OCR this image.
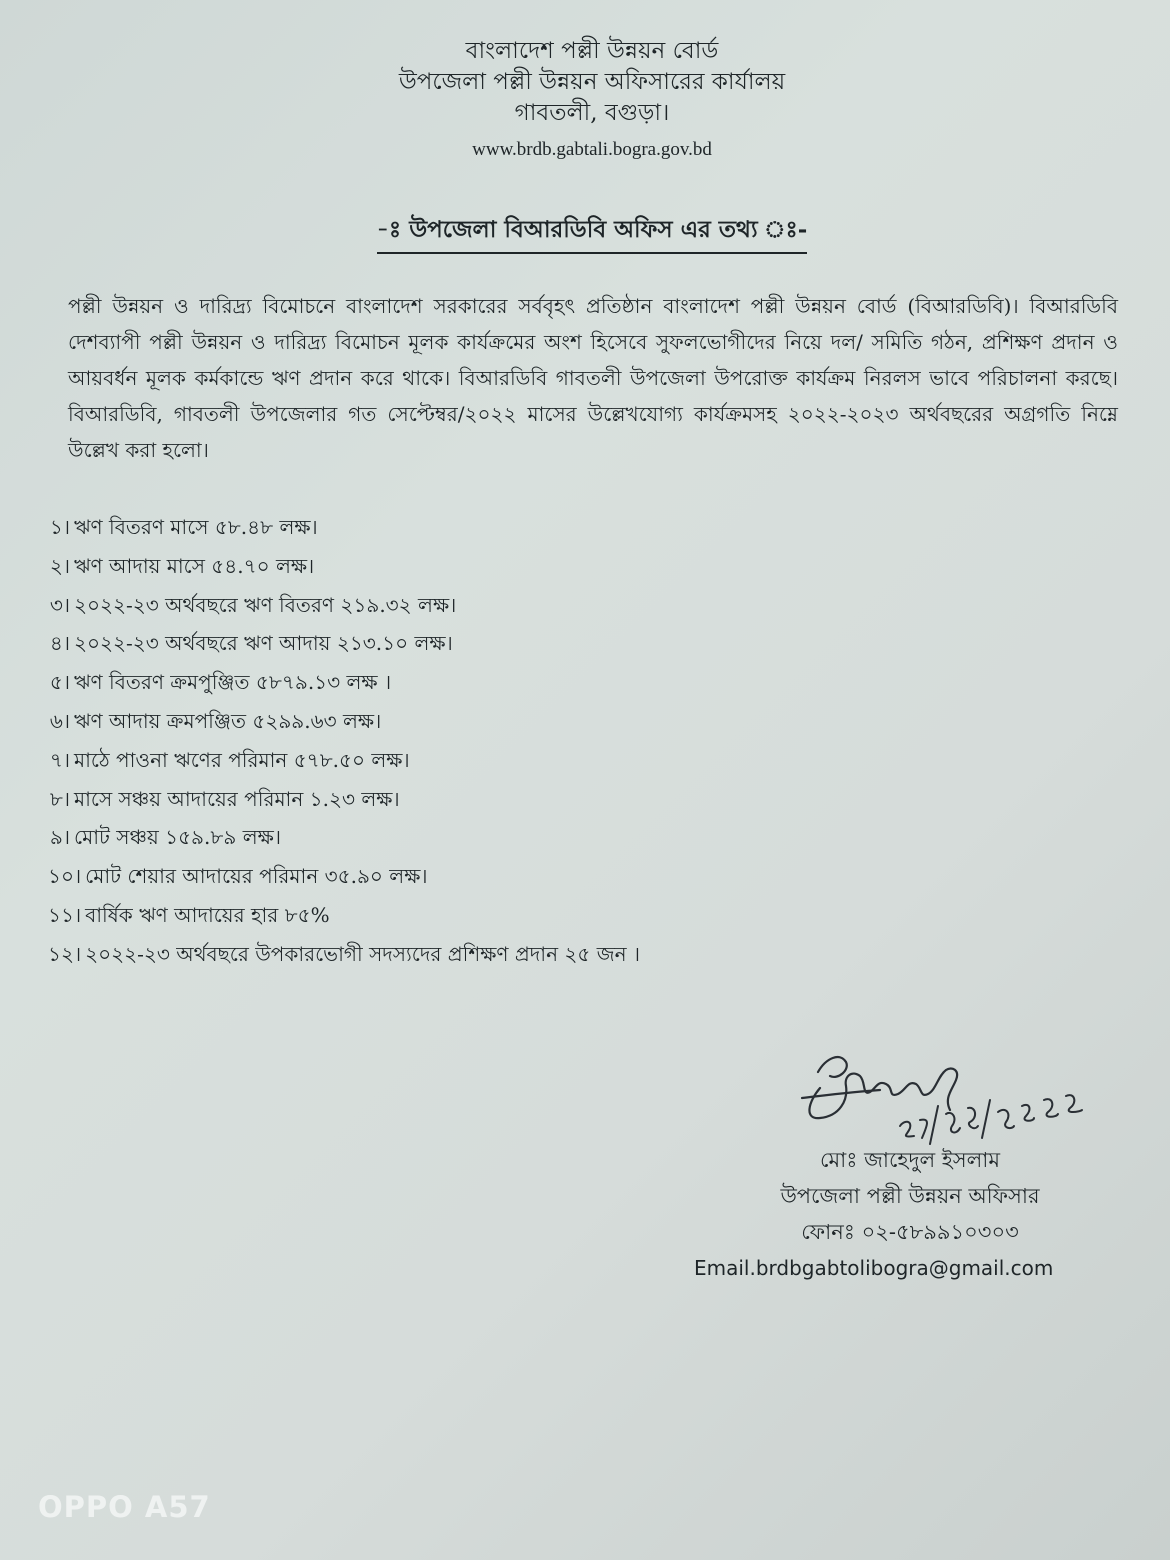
বাংলাদেশ পল্লী উন্নয়ন বোর্ড
উপজেলা পল্লী উন্নয়ন অফিসারের কার্যালয়
গাবতলী, বগুড়া।
www.brdb.gabtali.bogra.gov.bd
-ঃ উপজেলা বিআরডিবি অফিস এর তথ্য ঃ-
পল্লী উন্নয়ন ও দারিদ্র্য বিমোচনে বাংলাদেশ সরকারের সর্ববৃহৎ প্রতিষ্ঠান বাংলাদেশ পল্লী উন্নয়ন বোর্ড (বিআরডিবি)। বিআরডিবি দেশব্যাপী পল্লী উন্নয়ন ও দারিদ্র্য বিমোচন মূলক কার্যক্রমের অংশ হিসেবে সুফলভোগীদের নিয়ে দল/ সমিতি গঠন, প্রশিক্ষণ প্রদান ও আয়বর্ধন মূলক কর্মকান্ডে ঋণ প্রদান করে থাকে। বিআরডিবি গাবতলী উপজেলা উপরোক্ত কার্যক্রম নিরলস ভাবে পরিচালনা করছে। বিআরডিবি, গাবতলী উপজেলার গত সেপ্টেম্বর/২০২২ মাসের উল্লেখযোগ্য কার্যক্রমসহ ২০২২-২০২৩ অর্থবছরের অগ্রগতি নিম্নে উল্লেখ করা হলো।
১। ঋণ বিতরণ মাসে ৫৮.৪৮ লক্ষ।
২। ঋণ আদায় মাসে ৫৪.৭০ লক্ষ।
৩। ২০২২-২৩ অর্থবছরে ঋণ বিতরণ ২১৯.৩২ লক্ষ।
৪। ২০২২-২৩ অর্থবছরে ঋণ আদায় ২১৩.১০ লক্ষ।
৫। ঋণ বিতরণ ক্রমপুঞ্জিত ৫৮৭৯.১৩ লক্ষ ।
৬। ঋণ আদায় ক্রমপঞ্জিত ৫২৯৯.৬৩ লক্ষ।
৭। মাঠে পাওনা ঋণের পরিমান ৫৭৮.৫০ লক্ষ।
৮। মাসে সঞ্চয় আদায়ের পরিমান ১.২৩ লক্ষ।
৯। মোট সঞ্চয় ১৫৯.৮৯ লক্ষ।
১০। মোট শেয়ার আদায়ের পরিমান ৩৫.৯০ লক্ষ।
১১। বার্ষিক ঋণ আদায়ের হার ৮৫%
১২। ২০২২-২৩ অর্থবছরে উপকারভোগী সদস্যদের প্রশিক্ষণ প্রদান ২৫ জন ।
মোঃ জাহেদুল ইসলাম
উপজেলা পল্লী উন্নয়ন অফিসার
ফোনঃ ০২-৫৮৯৯১০৩০৩
Email.brdbgabtolibogra@gmail.com
OPPO A57
